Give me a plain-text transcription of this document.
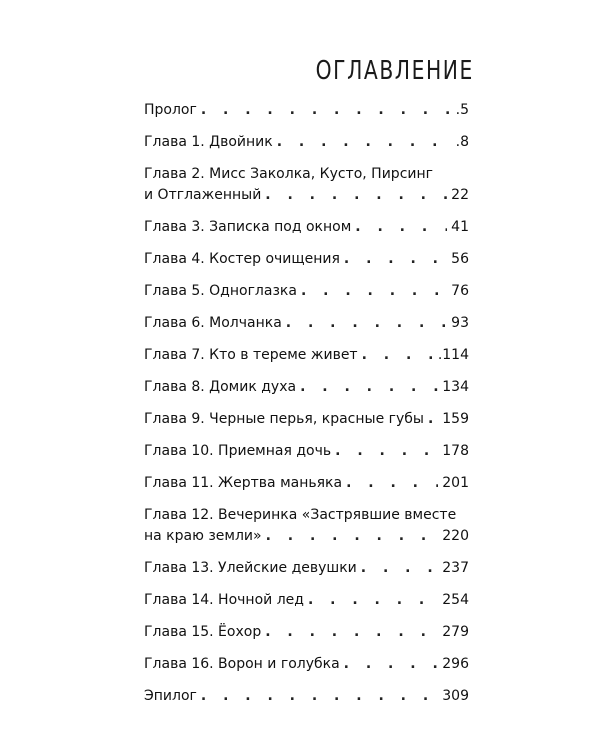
ОГЛАВЛЕНИЕ
Пролог . . .	.5
Глава 1. Двойник . . .	.8
Глава 2. Мисс Заколка, Кусто, Пирсинг
и Отглаженный . . .	22
Глава 3. Записка под окном . . .	41
Глава 4. Костер очищения . . .	56
Глава 5. Одноглазка . . .	76
Глава 6. Молчанка . . .	93
Глава 7. Кто в тереме живет . . .	.114
Глава 8. Домик духа . . .	134
Глава 9. Черные перья, красные губы . . . 159
Глава 10. Приемная дочь . . .	178
Глава 11. Жертва маньяка . . .	201
Глава 12. Вечеринка «Застрявшие вместе
на краю земли» . . .	220
Глава 13. Улейские девушки . . .	237
Глава 14. Ночной лед . . .	254
Глава 15. Ёохор . . .	279
Глава 16. Ворон и голубка . . .	296
Эпилог . . .	309
